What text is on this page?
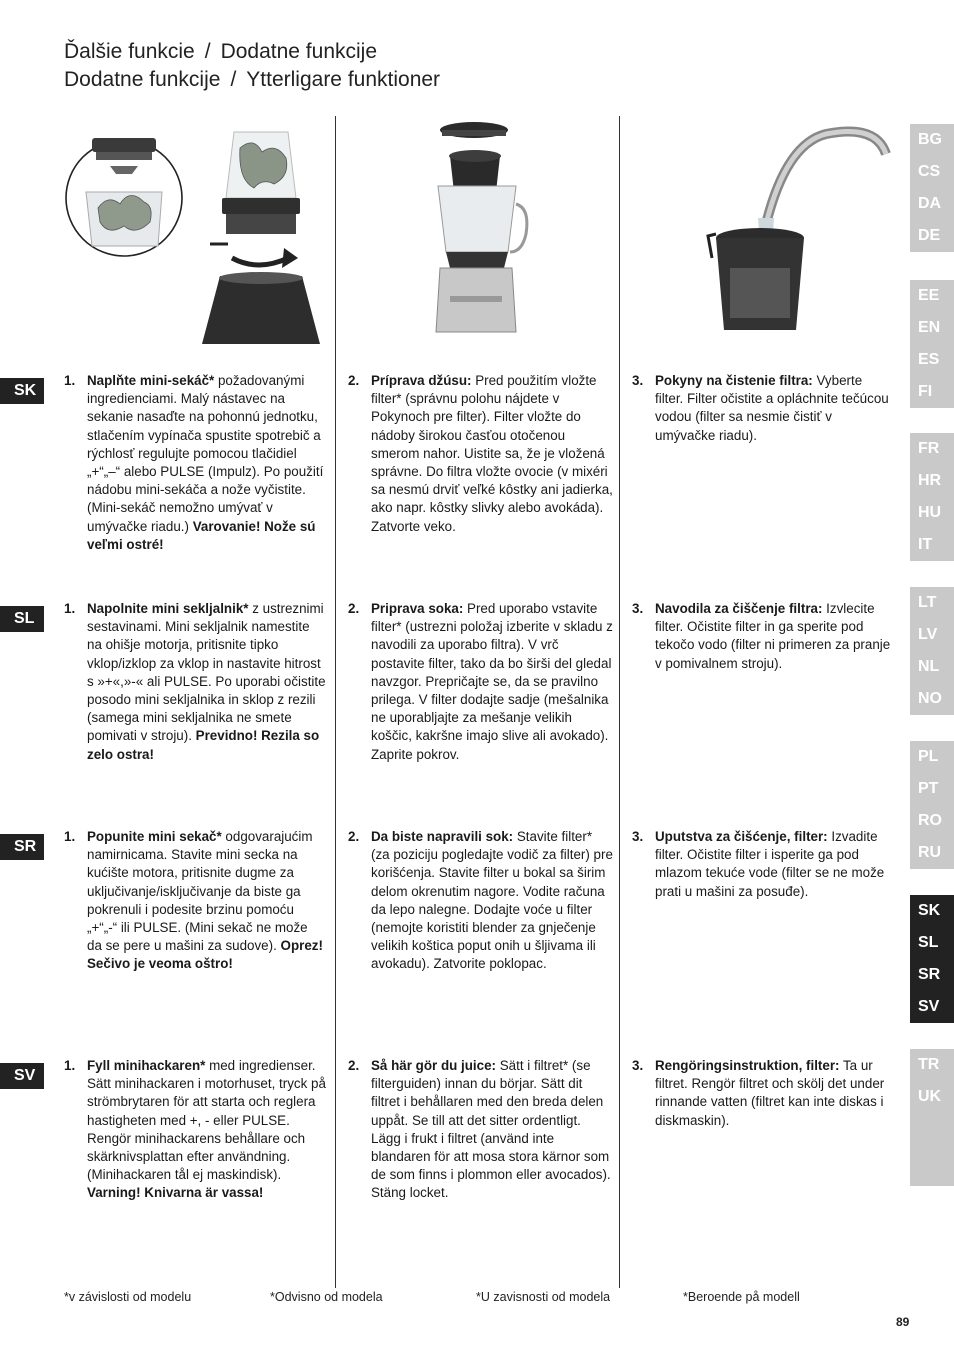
Ďalšie funkcie / Dodatne funkcije
Dodatne funkcije / Ytterligare funktioner
SK
SL
SR
SV
1. Naplňte mini-sekáč* požadovanými ingredienciami. Malý nástavec na sekanie nasaďte na pohonnú jednotku, stlačením vypínača spustite spotrebič a rýchlosť regulujte pomocou tlačidiel „+“„–“ alebo PULSE (Impulz). Po použití nádobu mini-sekáča a nože vyčistite. (Mini-sekáč nemožno umývať v umývačke riadu.) Varovanie! Nože sú veľmi ostré!
2. Príprava džúsu: Pred použitím vložte filter* (správnu polohu nájdete v Pokynoch pre filter). Filter vložte do nádoby širokou časťou otočenou smerom nahor. Uistite sa, že je vložená správne. Do filtra vložte ovocie (v mixéri sa nesmú drviť veľké kôstky ani jadierka, ako napr. kôstky slivky alebo avokáda). Zatvorte veko.
3. Pokyny na čistenie filtra: Vyberte filter. Filter očistite a opláchnite tečúcou vodou (filter sa nesmie čistiť v umývačke riadu).
1. Napolnite mini sekljalnik* z ustreznimi sestavinami. Mini sekljalnik namestite na ohišje motorja, pritisnite tipko vklop/izklop za vklop in nastavite hitrost s »+«,»-« ali PULSE. Po uporabi očistite posodo mini sekljalnika in sklop z rezili (samega mini sekljalnika ne smete pomivati v stroju). Previdno! Rezila so zelo ostra!
2. Priprava soka: Pred uporabo vstavite filter* (ustrezni položaj izberite v skladu z navodili za uporabo filtra). V vrč postavite filter, tako da bo širši del gledal navzgor. Prepričajte se, da se pravilno prilega. V filter dodajte sadje (mešalnika ne uporabljajte za mešanje velikih koščic, kakršne imajo slive ali avokado). Zaprite pokrov.
3. Navodila za čiščenje filtra: Izvlecite filter. Očistite filter in ga sperite pod tekočo vodo (filter ni primeren za pranje v pomivalnem stroju).
1. Popunite mini sekač* odgovarajućim namirnicama. Stavite mini secka na kućište motora, pritisnite dugme za uključivanje/isključivanje da biste ga pokrenuli i podesite brzinu pomoću „+“„-“ ili PULSE. (Mini sekač ne može da se pere u mašini za sudove). Oprez! Sečivo je veoma oštro!
2. Da biste napravili sok: Stavite filter* (za poziciju pogledajte vodič za filter) pre korišćenja. Stavite filter u bokal sa širim delom okrenutim nagore. Vodite računa da lepo nalegne. Dodajte voće u filter (nemojte koristiti blender za gnječenje velikih koštica poput onih u šljivama ili avokadu). Zatvorite poklopac.
3. Uputstva za čišćenje, filter: Izvadite filter. Očistite filter i isperite ga pod mlazom tekuće vode (filter se ne može prati u mašini za posuđe).
1. Fyll minihackaren* med ingredienser. Sätt minihackaren i motorhuset, tryck på strömbrytaren för att starta och reglera hastigheten med +, - eller PULSE. Rengör minihackarens behållare och skärknivsplattan efter användning. (Minihackaren tål ej maskindisk). Varning! Knivarna är vassa!
2. Så här gör du juice: Sätt i filtret* (se filterguiden) innan du börjar. Sätt dit filtret i behållaren med den breda delen uppåt. Se till att det sitter ordentligt. Lägg i frukt i filtret (använd inte blandaren för att mosa stora kärnor som de som finns i plommon eller avocados). Stäng locket.
3. Rengöringsinstruktion, filter: Ta ur filtret. Rengör filtret och skölj det under rinnande vatten (filtret kan inte diskas i diskmaskin).
BG
CS
DA
DE
EE
EN
ES
FI
FR
HR
HU
IT
LT
LV
NL
NO
PL
PT
RO
RU
SK
SL
SR
SV
TR
UK
*v závislosti od modelu	*Odvisno od modela	*U zavisnosti od modela	*Beroende på modell
89
